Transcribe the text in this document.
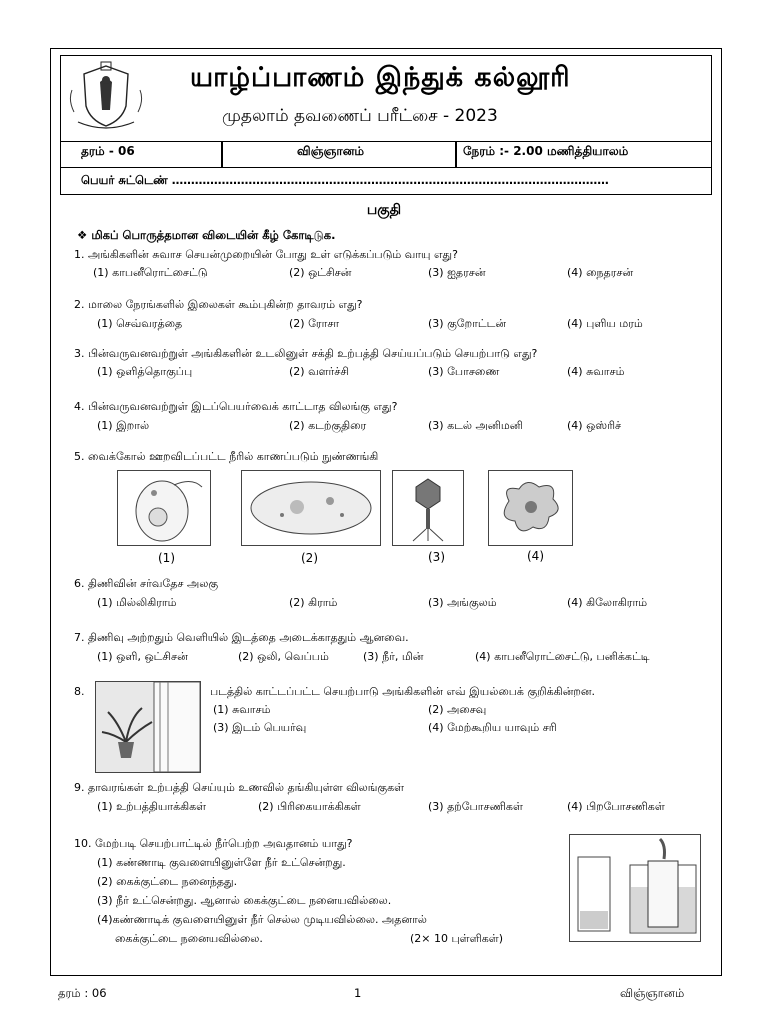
யாழ்ப்பாணம் இந்துக் கல்லூரி
முதலாம் தவணைப் பரீட்சை - 2023
தரம் - 06	விஞ்ஞானம்	நேரம் :- 2.00 மணித்தியாலம்
பெயர் சுட்டெண் ……………………………………………………………………………………………………
பகுதி
❖ மிகப் பொருத்தமான விடையின் கீழ் கோடிடுக.
1. அங்கிகளின் சுவாச செயன்முறையின் போது உள் எடுக்கப்படும் வாயு எது?
(1) காபனீரொட்சைட்டு	(2) ஒட்சிசன்	(3) ஐதரசன்	(4) நைதரசன்
2. மாலை நேரங்களில் இலைகள் கூம்புகின்ற தாவரம் எது?
(1) செவ்வரத்தை	(2) ரோசா	(3) குறோட்டன்	(4) புளிய மரம்
3. பின்வருவனவற்றுள் அங்கிகளின் உடலினுள் சக்தி உற்பத்தி செய்யப்படும் செயற்பாடு எது?
(1) ஒளித்தொகுப்பு	(2) வளர்ச்சி	(3) போசணை	(4) சுவாசம்
4. பின்வருவனவற்றுள் இடப்பெயர்வைக் காட்டாத விலங்கு எது?
(1) இறால்	(2) கடற்குதிரை	(3) கடல் அனிமனி	(4) ஒஸ்ரிச்
5. வைக்கோல் ஊறவிடப்பட்ட நீரில் காணப்படும் நுண்ணங்கி
(1)	(2)	(3)	(4)
6. திணிவின் சர்வதேச அலகு
(1) மில்லிகிராம்	(2) கிராம்	(3) அங்குலம்	(4) கிலோகிராம்
7. திணிவு அற்றதும் வெளியில் இடத்தை அடைக்காததும் ஆனவை.
(1) ஒளி, ஒட்சிசன்	(2) ஒலி, வெப்பம்	(3) நீர், மின்	(4) காபனீரொட்சைட்டு, பனிக்கட்டி
8.	படத்தில் காட்டப்பட்ட செயற்பாடு அங்கிகளின் எவ் இயல்பைக் குறிக்கின்றன.
(1) சுவாசம்	(2) அசைவு
(3) இடம் பெயர்வு	(4) மேற்கூறிய யாவும் சரி
9. தாவரங்கள் உற்பத்தி செய்யும் உணவில் தங்கியுள்ள விலங்குகள்
(1) உற்பத்தியாக்கிகள்	(2) பிரிகையாக்கிகள்	(3) தற்போசணிகள்	(4) பிறபோசணிகள்
10. மேற்படி செயற்பாட்டில் நீர்பெற்ற அவதானம் யாது?
(1) கண்ணாடி குவளையினுள்ளே நீர் உட்சென்றது.
(2) கைக்குட்டை நனைந்தது.
(3) நீர் உட்சென்றது. ஆனால் கைக்குட்டை நனையவில்லை.
(4)கண்ணாடிக் குவளையினுள் நீர் செல்ல முடியவில்லை. அதனால்
கைக்குட்டை நனையவில்லை.	(2× 10 புள்ளிகள்)
தரம் : 06	1	விஞ்ஞானம்
